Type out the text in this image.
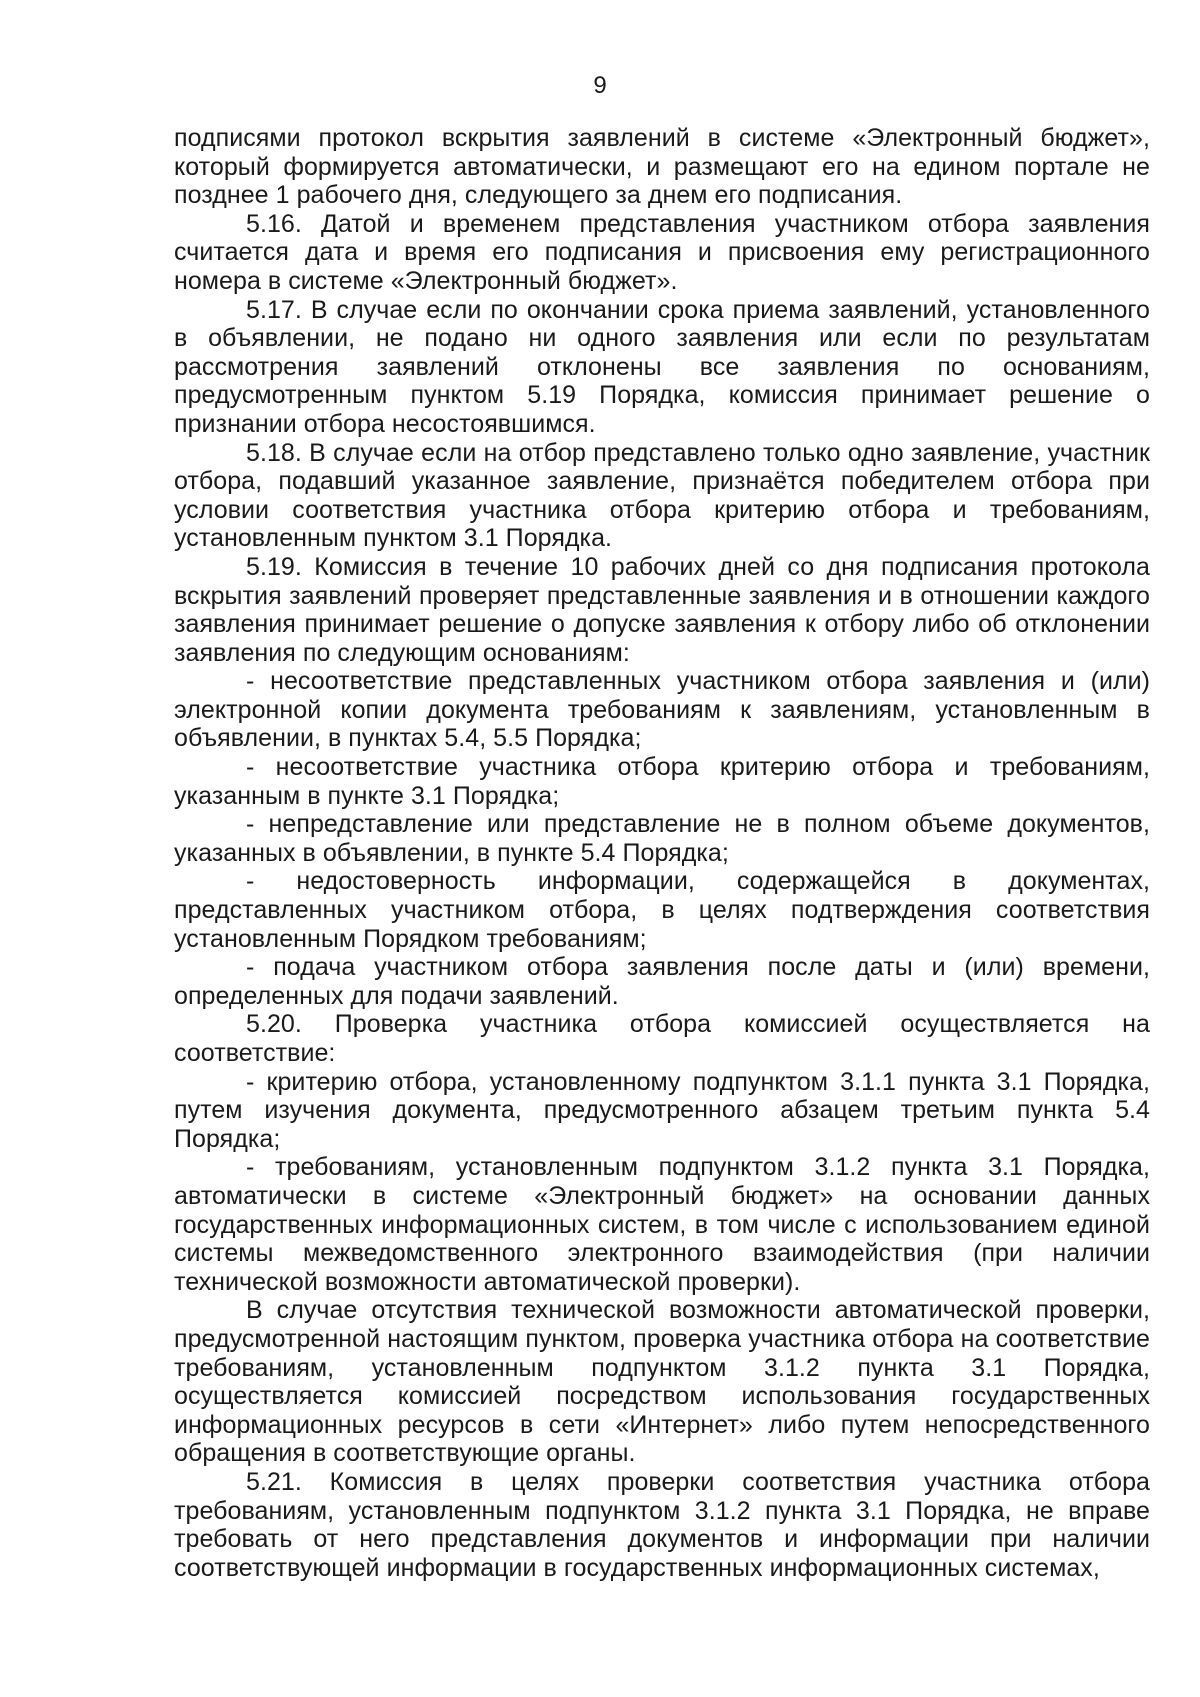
9

подписями протокол вскрытия заявлений в системе «Электронный бюджет», который формируется автоматически, и размещают его на едином портале не позднее 1 рабочего дня, следующего за днем его подписания.

5.16. Датой и временем представления участником отбора заявления считается дата и время его подписания и присвоения ему регистрационного номера в системе «Электронный бюджет».

5.17. В случае если по окончании срока приема заявлений, установленного в объявлении, не подано ни одного заявления или если по результатам рассмотрения заявлений отклонены все заявления по основаниям, предусмотренным пунктом 5.19 Порядка, комиссия принимает решение о признании отбора несостоявшимся.

5.18. В случае если на отбор представлено только одно заявление, участник отбора, подавший указанное заявление, признаётся победителем отбора при условии соответствия участника отбора критерию отбора и требованиям, установленным пунктом 3.1 Порядка.

5.19. Комиссия в течение 10 рабочих дней со дня подписания протокола вскрытия заявлений проверяет представленные заявления и в отношении каждого заявления принимает решение о допуске заявления к отбору либо об отклонении заявления по следующим основаниям:

- несоответствие представленных участником отбора заявления и (или) электронной копии документа требованиям к заявлениям, установленным в объявлении, в пунктах 5.4, 5.5 Порядка;

- несоответствие участника отбора критерию отбора и требованиям, указанным в пункте 3.1 Порядка;

- непредставление или представление не в полном объеме документов, указанных в объявлении, в пункте 5.4 Порядка;

- недостоверность информации, содержащейся в документах, представленных участником отбора, в целях подтверждения соответствия установленным Порядком требованиям;

- подача участником отбора заявления после даты и (или) времени, определенных для подачи заявлений.

5.20. Проверка участника отбора комиссией осуществляется на соответствие:

- критерию отбора, установленному подпунктом 3.1.1 пункта 3.1 Порядка, путем изучения документа, предусмотренного абзацем третьим пункта 5.4 Порядка;

- требованиям, установленным подпунктом 3.1.2 пункта 3.1 Порядка, автоматически в системе «Электронный бюджет» на основании данных государственных информационных систем, в том числе с использованием единой системы межведомственного электронного взаимодействия (при наличии технической возможности автоматической проверки).

В случае отсутствия технической возможности автоматической проверки, предусмотренной настоящим пунктом, проверка участника отбора на соответствие требованиям, установленным подпунктом 3.1.2 пункта 3.1 Порядка, осуществляется комиссией посредством использования государственных информационных ресурсов в сети «Интернет» либо путем непосредственного обращения в соответствующие органы.

5.21. Комиссия в целях проверки соответствия участника отбора требованиям, установленным подпунктом 3.1.2 пункта 3.1 Порядка, не вправе требовать от него представления документов и информации при наличии соответствующей информации в государственных информационных системах,
